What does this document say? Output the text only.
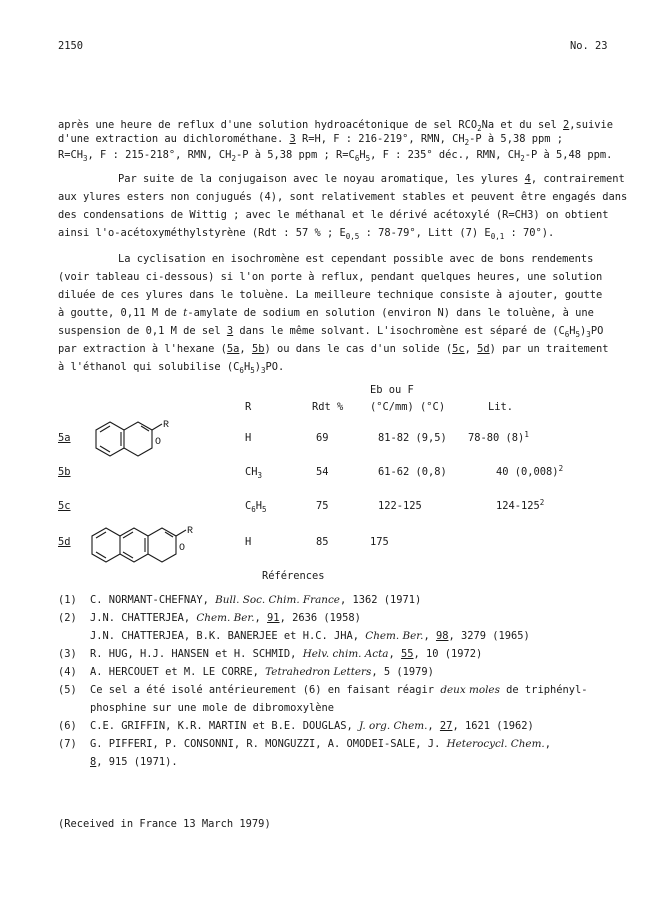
2150	No. 23
après une heure de reflux d'une solution hydroacétonique de sel $RCO_2Na$ et du sel 2,suivie
d'une extraction au dichlorométhane. 3 R=H, F : 216-219°, RMN, $CH_2-P$ à 5,38 ppm ;
$R=CH_3$, F : 215-218°, RMN, $CH_2-P$ à 5,38 ppm ; $R=C_6H_5$, F : 235° déc., RMN, $CH_2-P$ à 5,48 ppm.
Par suite de la conjugaison avec le noyau aromatique, les ylures 4, contrairement
aux ylures esters non conjugués (4), sont relativement stables et peuvent être engagés dans
des condensations de Wittig ; avec le méthanal et le dérivé acétoxylé (R=CH3) on obtient
ainsi l'o-acétoxyméthylstyrène (Rdt : 57 % ; $E_{0,5}$ : 78-79°, Litt (7) $E_{0,1}$ : 70°).
La cyclisation en isochromène est cependant possible avec de bons rendements
(voir tableau ci-dessous) si l'on porte à reflux, pendant quelques heures, une solution
diluée de ces ylures dans le toluène. La meilleure technique consiste à ajouter, goutte
à goutte, 0,11 M de t-amylate de sodium en solution (environ N) dans le toluène, à une
suspension de 0,1 M de sel 3 dans le même solvant. L'isochromène est séparé de $(C_6H_5)_3PO$
par extraction à l'hexane (5a, 5b) ou dans le cas d'un solide (5c, 5d) par un traitement
à l'éthanol qui solubilise $(C_6H_5)_3PO$.
Eb ou F
R	Rdt %	(°C/mm) (°C)	Lit.
R
O
5a	H	69	81-82 (9,5) 78-80 $(8)^1$
5b	$CH_3$	54	61-62 (0,8)	40 $(0,008)^2$
5c	$C_6H_5$	75	122-125	$124-125^2$
R
O
5d	H	85	175
Références
(1) C. NORMANT-CHEFNAY, Bull. Soc. Chim. France, 1362 (1971)
(2) J.N. CHATTERJEA, Chem. Ber., 91, 2636 (1958)
J.N. CHATTERJEA, B.K. BANERJEE et H.C. JHA, Chem. Ber., 98, 3279 (1965)
(3) R. HUG, H.J. HANSEN et H. SCHMID, Helv. chim. Acta, 55, 10 (1972)
(4) A. HERCOUET et M. LE CORRE, Tetrahedron Letters, 5 (1979)
(5) Ce sel a été isolé antérieurement (6) en faisant réagir deux moles de triphényl-
phosphine sur une mole de dibromoxylène
(6) C.E. GRIFFIN, K.R. MARTIN et B.E. DOUGLAS, J. org. Chem., 27, 1621 (1962)
(7) G. PIFFERI, P. CONSONNI, R. MONGUZZI, A. OMODEI-SALE, J. Heterocycl. Chem.,
8, 915 (1971).
(Received in France 13 March 1979)
